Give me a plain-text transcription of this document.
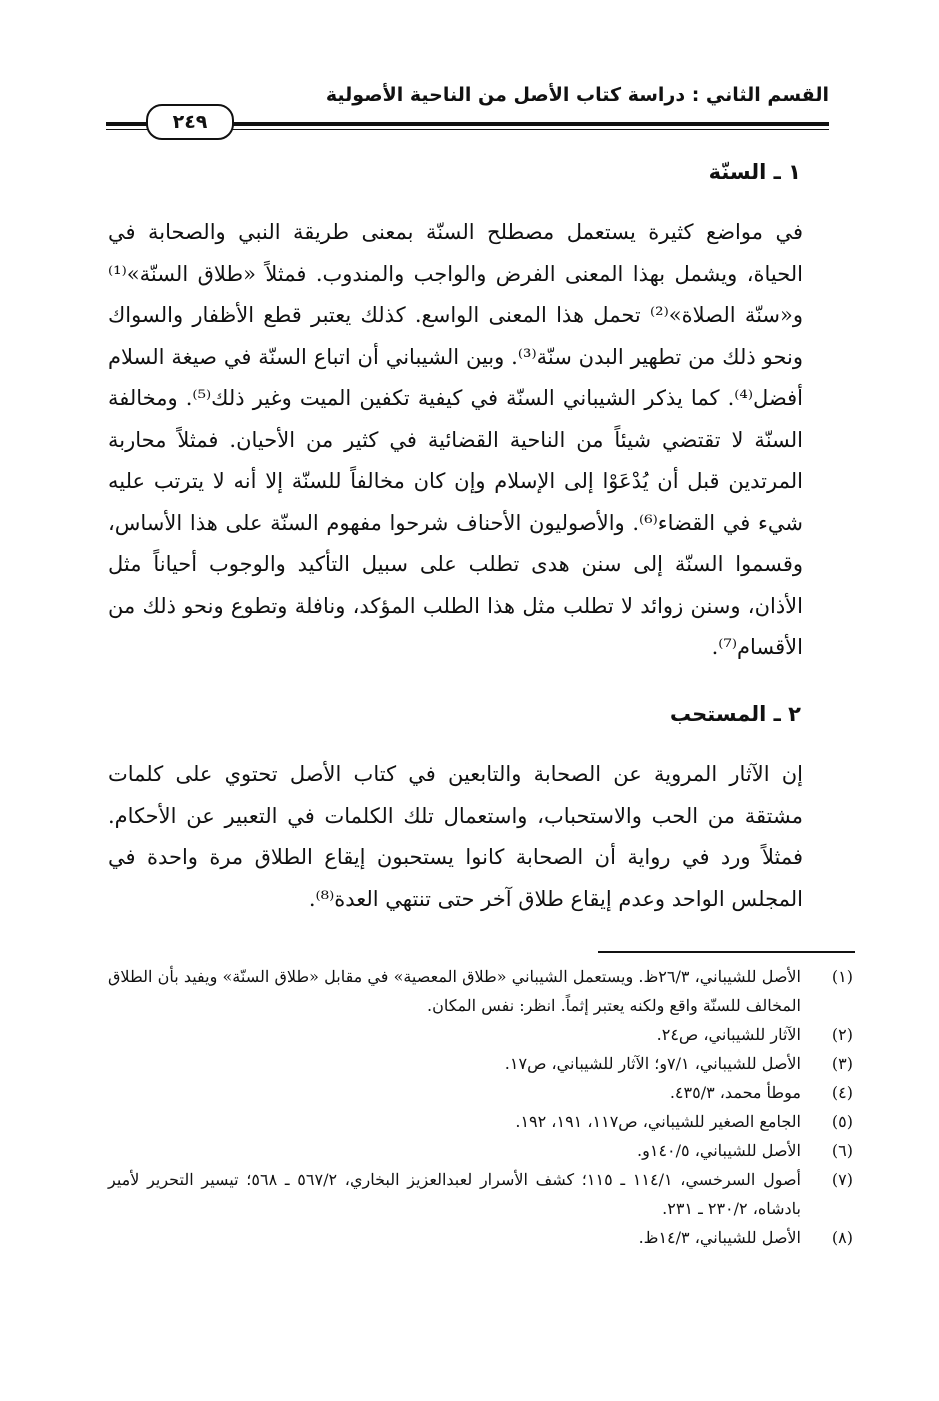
القسم الثاني : دراسة كتاب الأصل من الناحية الأصولية
٢٤٩
١ ـ السنّة
في مواضع كثيرة يستعمل مصطلح السنّة بمعنى طريقة النبي والصحابة في الحياة، ويشمل بهذا المعنى الفرض والواجب والمندوب. فمثلاً «طلاق السنّة»⁽¹⁾ و«سنّة الصلاة»⁽²⁾ تحمل هذا المعنى الواسع. كذلك يعتبر قطع الأظفار والسواك ونحو ذلك من تطهير البدن سنّة⁽³⁾. وبين الشيباني أن اتباع السنّة في صيغة السلام أفضل⁽⁴⁾. كما يذكر الشيباني السنّة في كيفية تكفين الميت وغير ذلك⁽⁵⁾. ومخالفة السنّة لا تقتضي شيئاً من الناحية القضائية في كثير من الأحيان. فمثلاً محاربة المرتدين قبل أن يُدْعَوْا إلى الإسلام وإن كان مخالفاً للسنّة إلا أنه لا يترتب عليه شيء في القضاء⁽⁶⁾. والأصوليون الأحناف شرحوا مفهوم السنّة على هذا الأساس، وقسموا السنّة إلى سنن هدى تطلب على سبيل التأكيد والوجوب أحياناً مثل الأذان، وسنن زوائد لا تطلب مثل هذا الطلب المؤكد، ونافلة وتطوع ونحو ذلك من الأقسام⁽⁷⁾.
٢ ـ المستحب
إن الآثار المروية عن الصحابة والتابعين في كتاب الأصل تحتوي على كلمات مشتقة من الحب والاستحباب، واستعمال تلك الكلمات في التعبير عن الأحكام. فمثلاً ورد في رواية أن الصحابة كانوا يستحبون إيقاع الطلاق مرة واحدة في المجلس الواحد وعدم إيقاع طلاق آخر حتى تنتهي العدة⁽⁸⁾.
(١)
الأصل للشيباني، ٢٦/٣ظ. ويستعمل الشيباني «طلاق المعصية» في مقابل «طلاق السنّة» ويفيد بأن الطلاق المخالف للسنّة واقع ولكنه يعتبر إثماً. انظر: نفس المكان.
(٢)
الآثار للشيباني، ص٢٤.
(٣)
الأصل للشيباني، ٧/١و؛ الآثار للشيباني، ص١٧.
(٤)
موطأ محمد، ٤٣٥/٣.
(٥)
الجامع الصغير للشيباني، ص١١٧، ١٩١، ١٩٢.
(٦)
الأصل للشيباني، ١٤٠/٥و.
(٧)
أصول السرخسي، ١١٤/١ ـ ١١٥؛ كشف الأسرار لعبدالعزيز البخاري، ٥٦٧/٢ ـ ٥٦٨؛ تيسير التحرير لأمير بادشاه، ٢٣٠/٢ ـ ٢٣١.
(٨)
الأصل للشيباني، ١٤/٣ظ.
